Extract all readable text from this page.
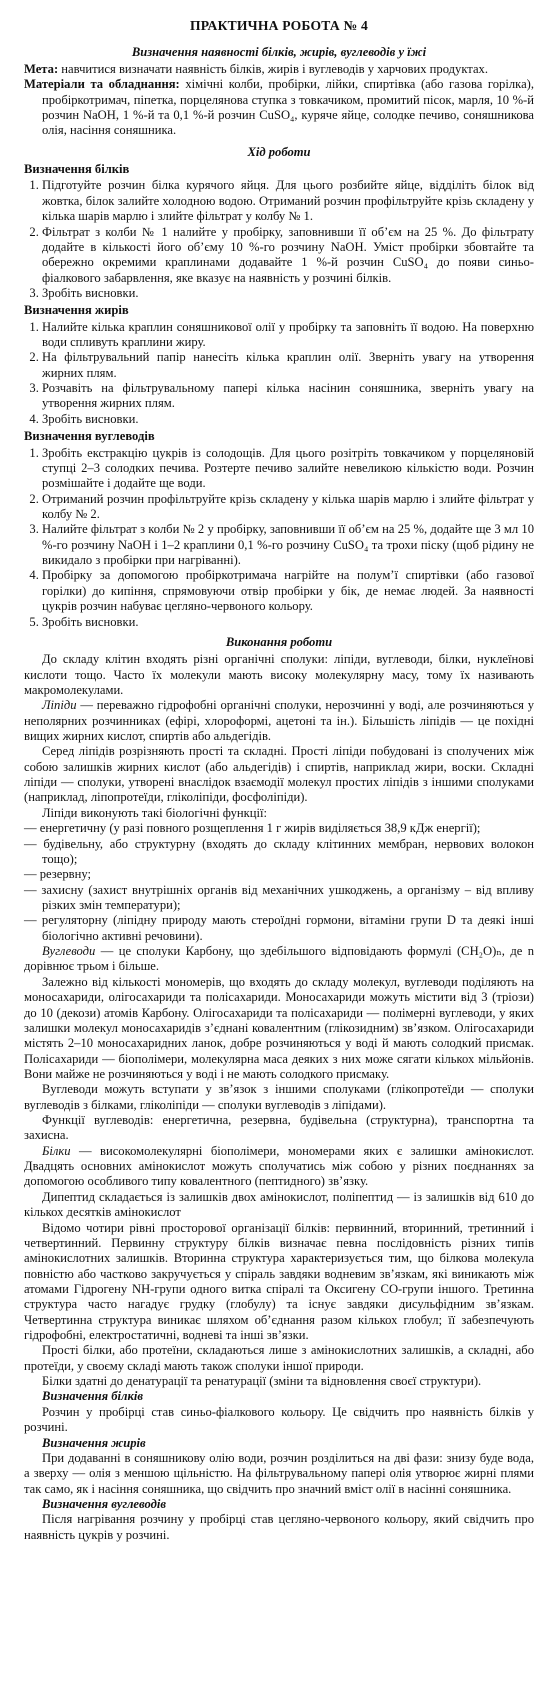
ПРАКТИЧНА РОБОТА № 4
Визначення наявності білків, жирів, вуглеводів у їжі

Мета: навчитися визначати наявність білків, жирів і вуглеводів у харчових продуктах.

Матеріали та обладнання: хімічні колби, пробірки, лійки, спиртівка (або газова горілка), пробіркотримач, піпетка, порцелянова ступка з товкачиком, промитий пісок, марля, 10 %-й розчин NaOH, 1 %-й та 0,1 %-й розчин CuSO₄, куряче яйце, солодке печиво, соняшникова олія, насіння соняшника.

Хід роботи
Визначення білків
1. Підготуйте розчин білка курячого яйця. Для цього розбийте яйце, відділіть білок від жовтка, білок залийте холодною водою. Отриманий розчин профільтруйте крізь складену у кілька шарів марлю і злийте фільтрат у колбу № 1.
2. Фільтрат з колби № 1 налийте у пробірку, заповнивши її об’єм на 25 %. До фільтрату додайте в кількості його об’єму 10 %-го розчину NaOH. Уміст пробірки збовтайте та обережно окремими краплинами додавайте 1 %-й розчин CuSO₄ до появи синьо-фіалкового забарвлення, яке вказує на наявність у розчині білків.
3. Зробіть висновки.
Визначення жирів
1. Налийте кілька краплин соняшникової олії у пробірку та заповніть її водою. На поверхню води спливуть краплини жиру.
2. На фільтрувальний папір нанесіть кілька краплин олії. Зверніть увагу на утворення жирних плям.
3. Розчавіть на фільтрувальному папері кілька насінин соняшника, зверніть увагу на утворення жирних плям.
4. Зробіть висновки.
Визначення вуглеводів
1. Зробіть екстракцію цукрів із солодощів. Для цього розітріть товкачиком у порцеляновій ступці 2–3 солодких печива. Розтерте печиво залийте невеликою кількістю води. Розчин розмішайте і додайте ще води.
2. Отриманий розчин профільтруйте крізь складену у кілька шарів марлю і злийте фільтрат у колбу № 2.
3. Налийте фільтрат з колби № 2 у пробірку, заповнивши її об’єм на 25 %, додайте ще 3 мл 10 %-го розчину NaOH і 1–2 краплини 0,1 %-го розчину CuSO₄ та трохи піску (щоб рідину не викидало з пробірки при нагріванні).
4. Пробірку за допомогою пробіркотримача нагрійте на полум’ї спиртівки (або газової горілки) до кипіння, спрямовуючи отвір пробірки у бік, де немає людей. За наявності цукрів розчин набуває цегляно-червоного кольору.
5. Зробіть висновки.
Виконання роботи

До складу клітин входять різні органічні сполуки: ліпіди, вуглеводи, білки, нуклеїнові кислоти тощо. Часто їх молекули мають високу молекулярну масу, тому їх називають макромолекулами.

Ліпіди — переважно гідрофобні органічні сполуки, нерозчинні у воді, але розчиняються у неполярних розчинниках (ефірі, хлороформі, ацетоні та ін.). Більшість ліпідів — це похідні вищих жирних кислот, спиртів або альдегідів.

Серед ліпідів розрізняють прості та складні. Прості ліпіди побудовані із сполучених між собою залишків жирних кислот (або альдегідів) і спиртів, наприклад жири, воски. Складні ліпіди — сполуки, утворені внаслідок взаємодії молекул простих ліпідів з іншими сполуками (наприклад, ліпопротеїди, гліколіпіди, фосфоліпіди).

Ліпіди виконують такі біологічні функції:

— енергетичну (у разі повного розщеплення 1 г жирів виділяється 38,9 кДж енергії);
— будівельну, або структурну (входять до складу клітинних мембран, нервових волокон тощо);
— резервну;
— захисну (захист внутрішніх органів від механічних ушкоджень, а організму – від впливу різких змін температури);
— регуляторну (ліпідну природу мають стероїдні гормони, вітаміни групи D та деякі інші біологічно активні речовини).

Вуглеводи — це сполуки Карбону, що здебільшого відповідають формулі (CH₂O)ₙ, де n дорівнює трьом і більше.

Залежно від кількості мономерів, що входять до складу молекул, вуглеводи поділяють на моносахариди, олігосахариди та полісахариди. Моносахариди можуть містити від 3 (тріози) до 10 (декози) атомів Карбону. Олігосахариди та полісахариди — полімерні вуглеводи, у яких залишки молекул моносахаридів з’єднані ковалентним (глікозидним) зв’язком. Олігосахариди містять 2–10 моносахаридних ланок, добре розчиняються у воді й мають солодкий присмак. Полісахариди — біополімери, молекулярна маса деяких з них може сягати кількох мільйонів. Вони майже не розчиняються у воді і не мають солодкого присмаку.

Вуглеводи можуть вступати у зв’язок з іншими сполуками (глікопротеїди — сполуки вуглеводів з білками, гліколіпіди — сполуки вуглеводів з ліпідами).

Функції вуглеводів: енергетична, резервна, будівельна (структурна), транспортна та захисна.

Білки — високомолекулярні біополімери, мономерами яких є залишки амінокислот. Двадцять основних амінокислот можуть сполучатись між собою у різних поєднаннях за допомогою особливого типу ковалентного (пептидного) зв’язку.

Дипептид складається із залишків двох амінокислот, поліпептид — із залишків від 610 до кількох десятків амінокислот

Відомо чотири рівні просторової організації білків: первинний, вторинний, третинний і четвертинний. Первинну структуру білків визначає певна послідовність різних типів амінокислотних залишків. Вторинна структура характеризується тим, що білкова молекула повністю або частково закручується у спіраль завдяки водневим зв’язкам, які виникають між атомами Гідрогену NH-групи одного витка спіралі та Оксигену CO-групи іншого. Третинна структура часто нагадує грудку (глобулу) та існує завдяки дисульфідним зв’язкам. Четвертинна структура виникає шляхом об’єднання разом кількох глобул; її забезпечують гідрофобні, електростатичні, водневі та інші зв’язки.

Прості білки, або протеїни, складаються лише з амінокислотних залишків, а складні, або протеїди, у своєму складі мають також сполуки іншої природи.

Білки здатні до денатурації та ренатурації (зміни та відновлення своєї структури).

Визначення білків

Розчин у пробірці став синьо-фіалкового кольору. Це свідчить про наявність білків у розчині.

Визначення жирів

При додаванні в соняшникову олію води, розчин розділиться на дві фази: знизу буде вода, а зверху — олія з меншою щільністю. На фільтрувальному папері олія утворює жирні плями так само, як і насіння соняшника, що свідчить про значний вміст олії в насінні соняшника.

Визначення вуглеводів

Після нагрівання розчину у пробірці став цегляно-червоного кольору, який свідчить про наявність цукрів у розчині.
